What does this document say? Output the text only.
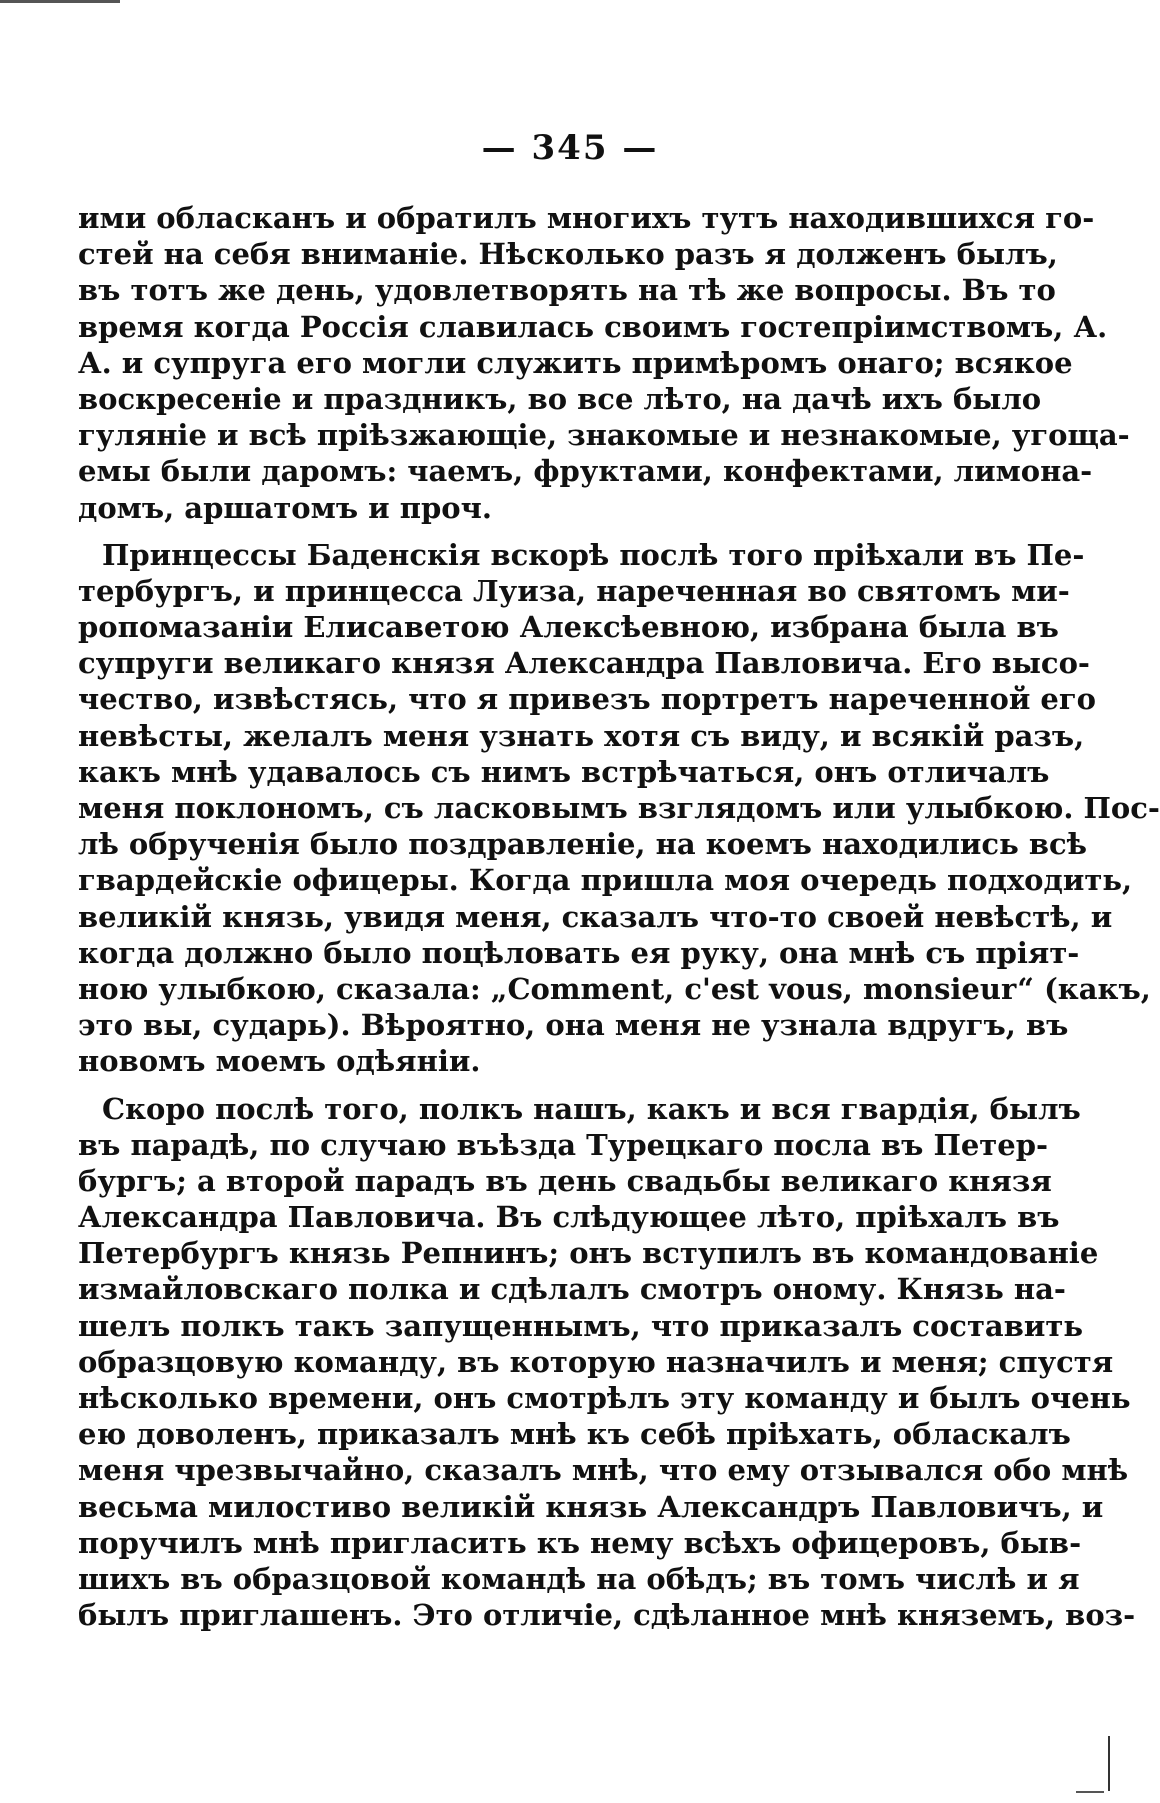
— 345 —
ими обласканъ и обратилъ многихъ тутъ находившихся го-
стей на себя вниманіе. Нѣсколько разъ я долженъ былъ,
въ тотъ же день, удовлетворять на тѣ же вопросы. Въ то
время когда Россія славилась своимъ гостепріимствомъ, А.
А. и супруга его могли служить примѣромъ онаго; всякое
воскресеніе и праздникъ, во все лѣто, на дачѣ ихъ было
гуляніе и всѣ пріѣзжающіе, знакомые и незнакомые, угоща-
емы были даромъ: чаемъ, фруктами, конфектами, лимона-
домъ, аршатомъ и проч.
Принцессы Баденскія вскорѣ послѣ того пріѣхали въ Пе-
тербургъ, и принцесса Луиза, нареченная во святомъ ми-
ропомазаніи Елисаветою Алексѣевною, избрана была въ
супруги великаго князя Александра Павловича. Его высо-
чество, извѣстясь, что я привезъ портретъ нареченной его
невѣсты, желалъ меня узнать хотя съ виду, и всякій разъ,
какъ мнѣ удавалось съ нимъ встрѣчаться, онъ отличалъ
меня поклономъ, съ ласковымъ взглядомъ или улыбкою. Пос-
лѣ обрученія было поздравленіе, на коемъ находились всѣ
гвардейскіе офицеры. Когда пришла моя очередь подходить,
великій князь, увидя меня, сказалъ что-то своей невѣстѣ, и
когда должно было поцѣловать ея руку, она мнѣ съ пріят-
ною улыбкою, сказала: „Comment, c'est vous, monsieur“ (какъ,
это вы, сударь). Вѣроятно, она меня не узнала вдругъ, въ
новомъ моемъ одѣяніи.
Скоро послѣ того, полкъ нашъ, какъ и вся гвардія, былъ
въ парадѣ, по случаю въѣзда Турецкаго посла въ Петер-
бургъ; а второй парадъ въ день свадьбы великаго князя
Александра Павловича. Въ слѣдующее лѣто, пріѣхалъ въ
Петербургъ князь Репнинъ; онъ вступилъ въ командованіе
измайловскаго полка и сдѣлалъ смотръ оному. Князь на-
шелъ полкъ такъ запущеннымъ, что приказалъ составить
образцовую команду, въ которую назначилъ и меня; спустя
нѣсколько времени, онъ смотрѣлъ эту команду и былъ очень
ею доволенъ, приказалъ мнѣ къ себѣ пріѣхать, обласкалъ
меня чрезвычайно, сказалъ мнѣ, что ему отзывался обо мнѣ
весьма милостиво великій князь Александръ Павловичъ, и
поручилъ мнѣ пригласить къ нему всѣхъ офицеровъ, быв-
шихъ въ образцовой командѣ на обѣдъ; въ томъ числѣ и я
былъ приглашенъ. Это отличіе, сдѣланное мнѣ княземъ, воз-
